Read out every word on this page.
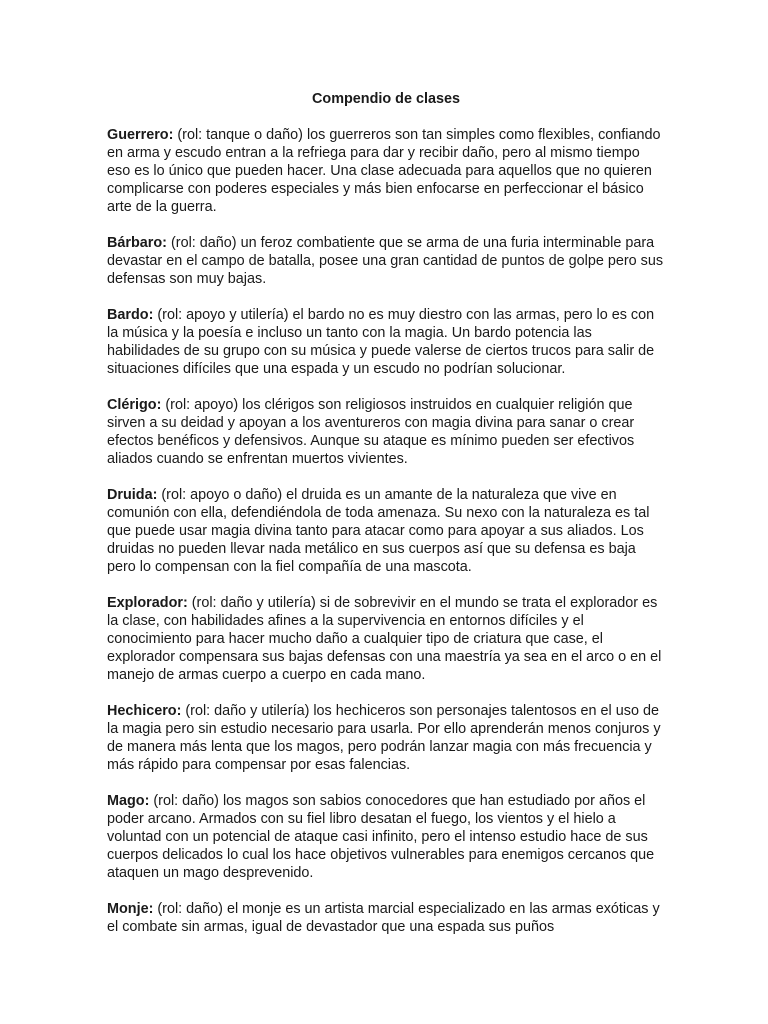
Compendio de clases

Guerrero: (rol: tanque o daño) los guerreros son tan simples como flexibles, confiando en arma y escudo entran a la refriega para dar y recibir daño, pero al mismo tiempo eso es lo único que pueden hacer. Una clase adecuada para aquellos que no quieren complicarse con poderes especiales y más bien enfocarse en perfeccionar el básico arte de la guerra.

Bárbaro: (rol: daño) un feroz combatiente que se arma de una furia interminable para devastar en el campo de batalla, posee una gran cantidad de puntos de golpe pero sus defensas son muy bajas.

Bardo: (rol: apoyo y utilería) el bardo no es muy diestro con las armas, pero lo es con la música y la poesía e incluso un tanto con la magia. Un bardo potencia las habilidades de su grupo con su música y puede valerse de ciertos trucos para salir de situaciones difíciles que una espada y un escudo no podrían solucionar.

Clérigo: (rol: apoyo) los clérigos son religiosos instruidos en cualquier religión que sirven a su deidad y apoyan a los aventureros con magia divina para sanar o crear efectos benéficos y defensivos. Aunque su ataque es mínimo pueden ser efectivos aliados cuando se enfrentan muertos vivientes.

Druida: (rol: apoyo o daño) el druida es un amante de la naturaleza que vive en comunión con ella, defendiéndola de toda amenaza. Su nexo con la naturaleza es tal que puede usar magia divina tanto para atacar como para apoyar a sus aliados. Los druidas no pueden llevar nada metálico en sus cuerpos así que su defensa es baja pero lo compensan con la fiel compañía de una mascota.

Explorador: (rol: daño y utilería) si de sobrevivir en el mundo se trata el explorador es la clase, con habilidades afines a la supervivencia en entornos difíciles y el conocimiento para hacer mucho daño a cualquier tipo de criatura que case, el explorador compensara sus bajas defensas con una maestría ya sea en el arco o en el manejo de armas cuerpo a cuerpo en cada mano.

Hechicero: (rol: daño y utilería) los hechiceros son personajes talentosos en el uso de la magia pero sin estudio necesario para usarla. Por ello aprenderán menos conjuros y de manera más lenta que los magos, pero podrán lanzar magia con más frecuencia y más rápido para compensar por esas falencias.

Mago: (rol: daño) los magos son sabios conocedores que han estudiado por años el poder arcano. Armados con su fiel libro desatan el fuego, los vientos y el hielo a voluntad con un potencial de ataque casi infinito, pero el intenso estudio hace de sus cuerpos delicados lo cual los hace objetivos vulnerables para enemigos cercanos que ataquen un mago desprevenido.

Monje: (rol: daño) el monje es un artista marcial especializado en las armas exóticas y el combate sin armas, igual de devastador que una espada sus puños
